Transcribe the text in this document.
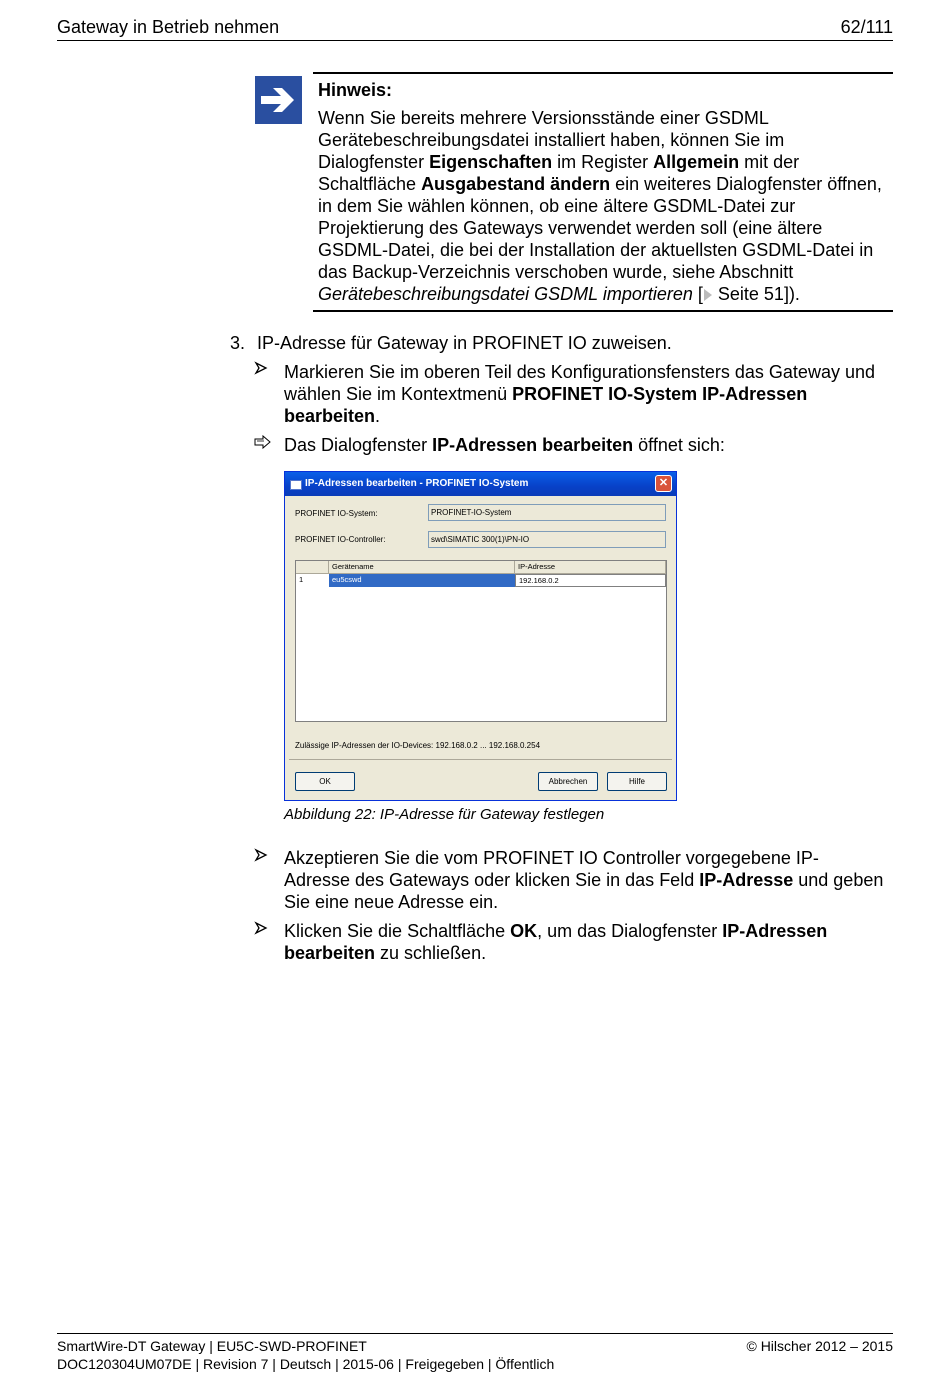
Gateway in Betrieb nehmen	62/111
Hinweis:
Wenn Sie bereits mehrere Versionsstände einer GSDML Gerätebeschreibungsdatei installiert haben, können Sie im Dialogfenster Eigenschaften im Register Allgemein mit der Schaltfläche Ausgabestand ändern ein weiteres Dialogfenster öffnen, in dem Sie wählen können, ob eine ältere GSDML-Datei zur Projektierung des Gateways verwendet werden soll (eine ältere GSDML-Datei, die bei der Installation der aktuellsten GSDML-Datei in das Backup-Verzeichnis verschoben wurde, siehe Abschnitt Gerätebeschreibungsdatei GSDML importieren [ Seite 51]).
3. IP-Adresse für Gateway in PROFINET IO zuweisen.
Markieren Sie im oberen Teil des Konfigurationsfensters das Gateway und wählen Sie im Kontextmenü PROFINET IO-System IP-Adressen bearbeiten.
Das Dialogfenster IP-Adressen bearbeiten öffnet sich:
IP-Adressen bearbeiten - PROFINET IO-System	✕
PROFINET IO-System:	PROFINET-IO-System
PROFINET IO-Controller:	swd\SIMATIC 300(1)\PN-IO
Gerätename	IP-Adresse
1	eu5cswd	192.168.0.2
Zulässige IP-Adressen der IO-Devices: 192.168.0.2 ... 192.168.0.254
OK	Abbrechen	Hilfe
Abbildung 22: IP-Adresse für Gateway festlegen
Akzeptieren Sie die vom PROFINET IO Controller vorgegebene IP-Adresse des Gateways oder klicken Sie in das Feld IP-Adresse und geben Sie eine neue Adresse ein.
Klicken Sie die Schaltfläche OK, um das Dialogfenster IP-Adressen bearbeiten zu schließen.
SmartWire-DT Gateway | EU5C-SWD-PROFINET
DOC120304UM07DE | Revision 7 | Deutsch | 2015-06 | Freigegeben | Öffentlich
© Hilscher 2012 – 2015
